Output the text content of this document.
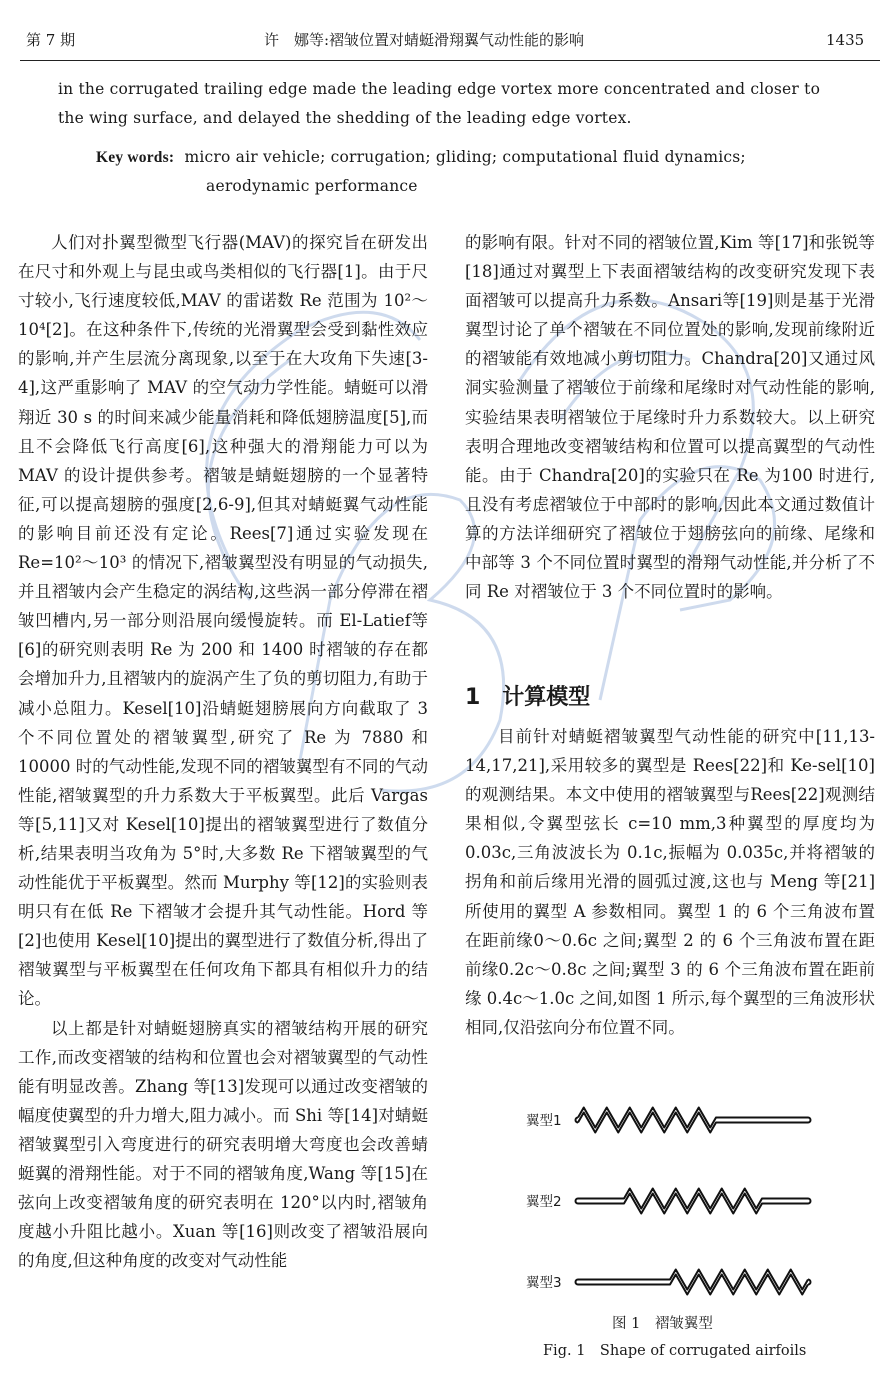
第 7 期	许　娜等:褶皱位置对蜻蜓滑翔翼气动性能的影响	1435
in the corrugated trailing edge made the leading edge vortex more concentrated and closer to
the wing surface, and delayed the shedding of the leading edge vortex.
Key words: micro air vehicle; corrugation; gliding; computational fluid dynamics;
aerodynamic performance

人们对扑翼型微型飞行器(MAV)的探究旨在研发出在尺寸和外观上与昆虫或鸟类相似的飞行器[1]。由于尺寸较小,飞行速度较低,MAV 的雷诺数 Re 范围为 10²～10⁴[2]。在这种条件下,传统的光滑翼型会受到黏性效应的影响,并产生层流分离现象,以至于在大攻角下失速[3-4],这严重影响了 MAV 的空气动力学性能。蜻蜓可以滑翔近 30 s 的时间来减少能量消耗和降低翅膀温度[5],而且不会降低飞行高度[6],这种强大的滑翔能力可以为 MAV 的设计提供参考。褶皱是蜻蜓翅膀的一个显著特征,可以提高翅膀的强度[2,6-9],但其对蜻蜓翼气动性能的影响目前还没有定论。Rees[7]通过实验发现在 Re=10²～10³ 的情况下,褶皱翼型没有明显的气动损失,并且褶皱内会产生稳定的涡结构,这些涡一部分停滞在褶皱凹槽内,另一部分则沿展向缓慢旋转。而 El-Latief等[6]的研究则表明 Re 为 200 和 1400 时褶皱的存在都会增加升力,且褶皱内的旋涡产生了负的剪切阻力,有助于减小总阻力。Kesel[10]沿蜻蜓翅膀展向方向截取了 3 个不同位置处的褶皱翼型,研究了 Re 为 7880 和 10000 时的气动性能,发现不同的褶皱翼型有不同的气动性能,褶皱翼型的升力系数大于平板翼型。此后 Vargas 等[5,11]又对 Kesel[10]提出的褶皱翼型进行了数值分析,结果表明当攻角为 5°时,大多数 Re 下褶皱翼型的气动性能优于平板翼型。然而 Murphy 等[12]的实验则表明只有在低 Re 下褶皱才会提升其气动性能。Hord 等[2]也使用 Kesel[10]提出的翼型进行了数值分析,得出了褶皱翼型与平板翼型在任何攻角下都具有相似升力的结论。

以上都是针对蜻蜓翅膀真实的褶皱结构开展的研究工作,而改变褶皱的结构和位置也会对褶皱翼型的气动性能有明显改善。Zhang 等[13]发现可以通过改变褶皱的幅度使翼型的升力增大,阻力减小。而 Shi 等[14]对蜻蜓褶皱翼型引入弯度进行的研究表明增大弯度也会改善蜻蜓翼的滑翔性能。对于不同的褶皱角度,Wang 等[15]在弦向上改变褶皱角度的研究表明在 120°以内时,褶皱角度越小升阻比越小。Xuan 等[16]则改变了褶皱沿展向的角度,但这种角度的改变对气动性能

的影响有限。针对不同的褶皱位置,Kim 等[17]和张锐等[18]通过对翼型上下表面褶皱结构的改变研究发现下表面褶皱可以提高升力系数。Ansari等[19]则是基于光滑翼型讨论了单个褶皱在不同位置处的影响,发现前缘附近的褶皱能有效地减小剪切阻力。Chandra[20]又通过风洞实验测量了褶皱位于前缘和尾缘时对气动性能的影响,实验结果表明褶皱位于尾缘时升力系数较大。以上研究表明合理地改变褶皱结构和位置可以提高翼型的气动性能。由于 Chandra[20]的实验只在 Re 为100 时进行,且没有考虑褶皱位于中部时的影响,因此本文通过数值计算的方法详细研究了褶皱位于翅膀弦向的前缘、尾缘和中部等 3 个不同位置时翼型的滑翔气动性能,并分析了不同 Re 对褶皱位于 3 个不同位置时的影响。

1　计算模型

目前针对蜻蜓褶皱翼型气动性能的研究中[11,13-14,17,21],采用较多的翼型是 Rees[22]和 Ke-sel[10]的观测结果。本文中使用的褶皱翼型与Rees[22]观测结果相似,令翼型弦长 c=10 mm,3种翼型的厚度均为 0.03c,三角波波长为 0.1c,振幅为 0.035c,并将褶皱的拐角和前后缘用光滑的圆弧过渡,这也与 Meng 等[21]所使用的翼型 A 参数相同。翼型 1 的 6 个三角波布置在距前缘0～0.6c 之间;翼型 2 的 6 个三角波布置在距前缘0.2c～0.8c 之间;翼型 3 的 6 个三角波布置在距前缘 0.4c～1.0c 之间,如图 1 所示,每个翼型的三角波形状相同,仅沿弦向分布位置不同。

翼型1
翼型2
翼型3
图 1　褶皱翼型
Fig. 1　Shape of corrugated airfoils
